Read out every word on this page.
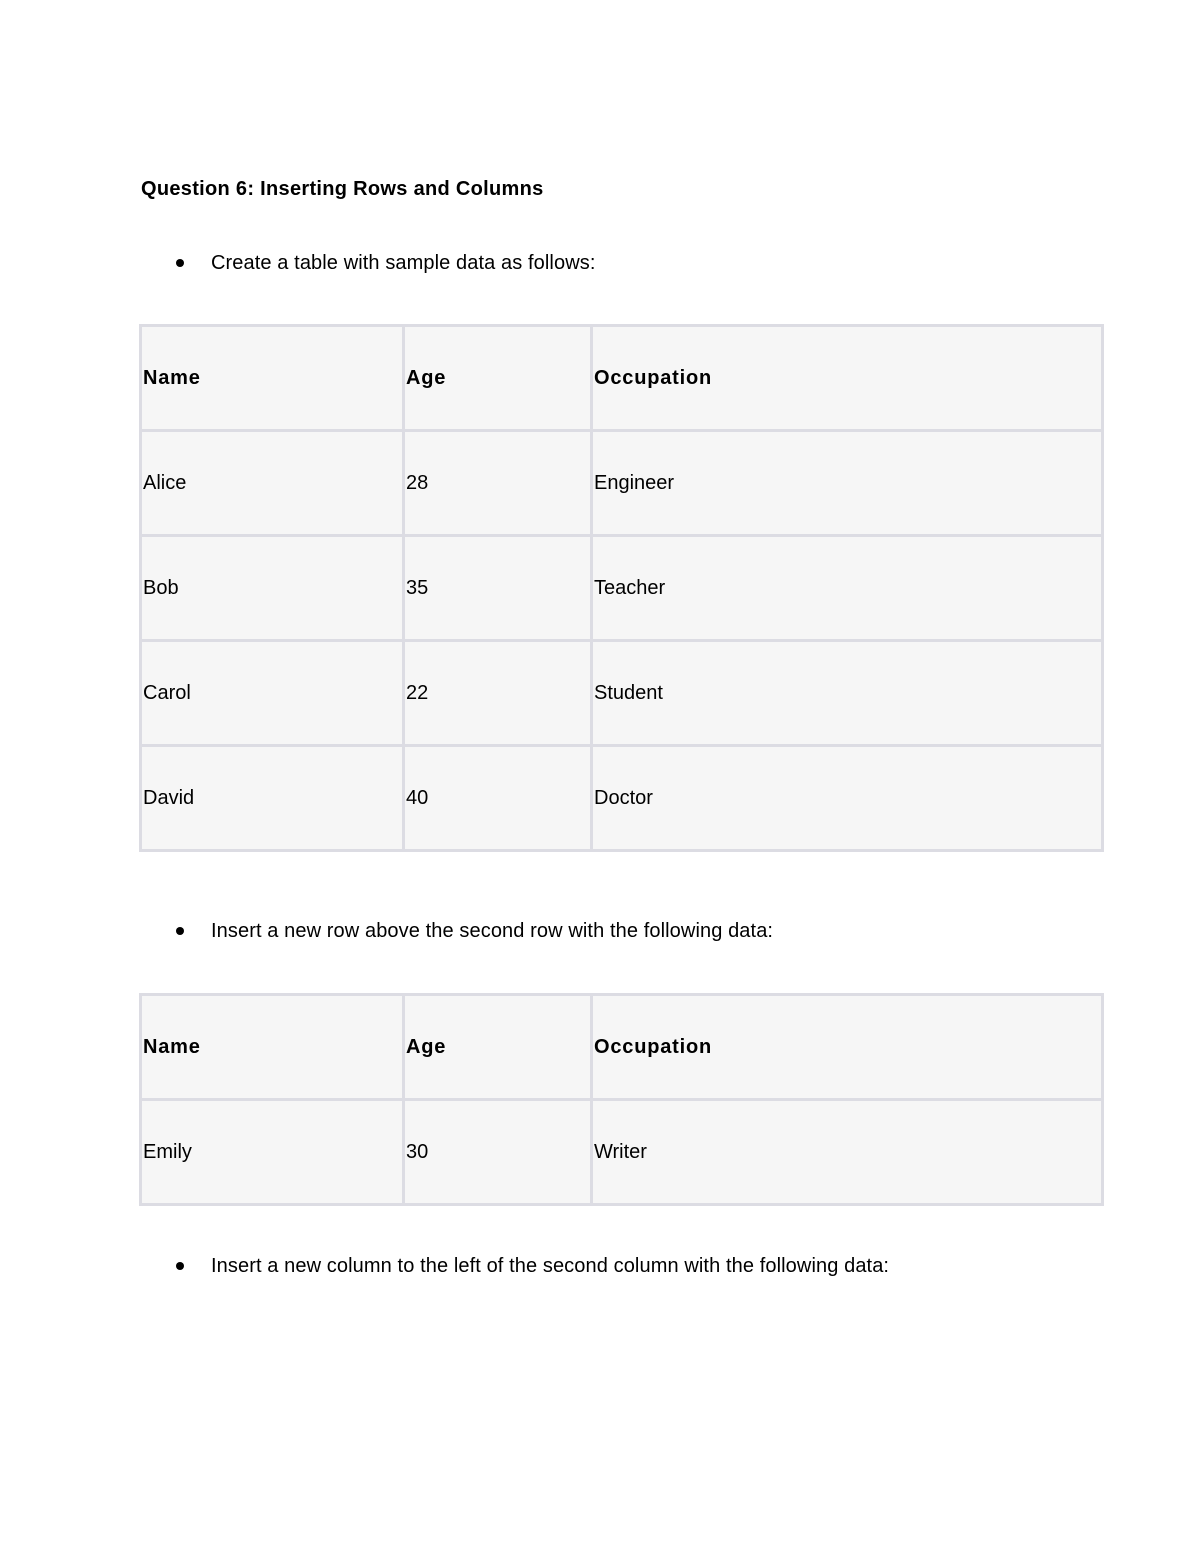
Question 6: Inserting Rows and Columns
Create a table with sample data as follows:
Name	Age	Occupation
Alice	28	Engineer
Bob	35	Teacher
Carol	22	Student
David	40	Doctor
Insert a new row above the second row with the following data:
Name	Age	Occupation
Emily	30	Writer
Insert a new column to the left of the second column with the following data:
